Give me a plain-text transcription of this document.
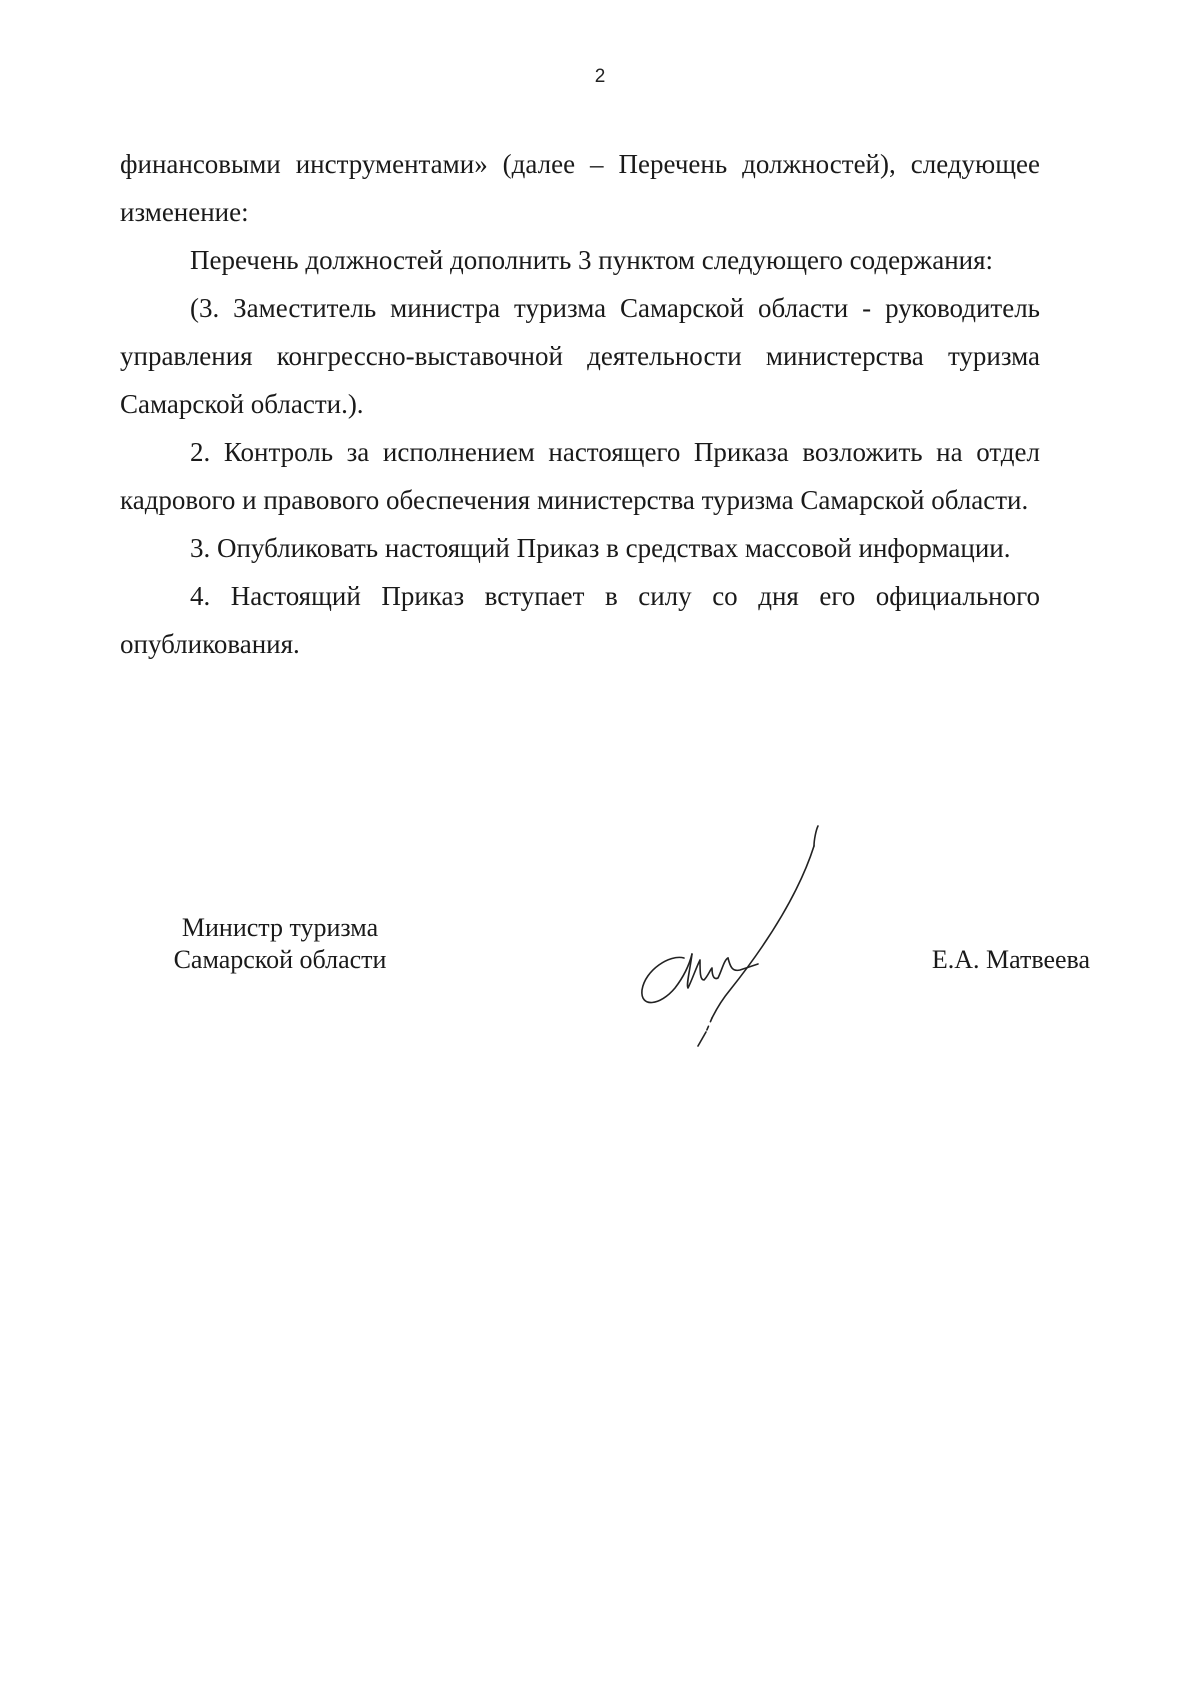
2

финансовыми инструментами» (далее – Перечень должностей), следующее изменение:

Перечень должностей дополнить 3 пунктом следующего содержания:

(3. Заместитель министра туризма Самарской области - руководитель управления конгрессно-выставочной деятельности министерства туризма Самарской области.).

2. Контроль за исполнением настоящего Приказа возложить на отдел кадрового и правового обеспечения министерства туризма Самарской области.

3. Опубликовать настоящий Приказ в средствах массовой информации.

4. Настоящий Приказ вступает в силу со дня его официального опубликования.

Министр туризма
Самарской области	Е.А. Матвеева
